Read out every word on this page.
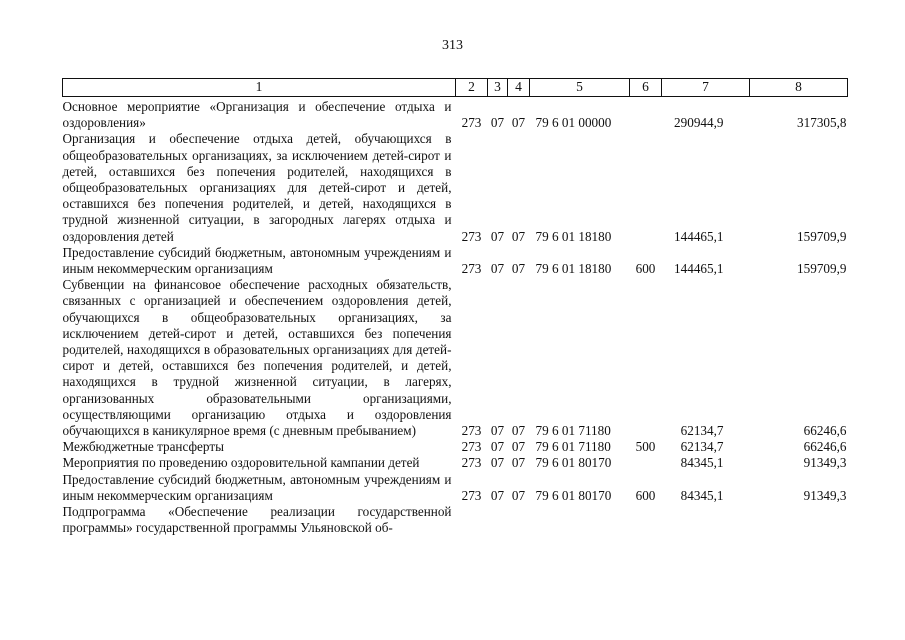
313
1	2	3	4	5	6	7	8
Основное мероприятие «Организация и обеспечение отдыха и оздоровления»	273	07	07	79 6 01 00000		290944,9	317305,8
Организация и обеспечение отдыха детей, обучающихся в общеобразовательных организациях, за исключением детей-сирот и детей, оставшихся без попечения родителей, находящихся в общеобразовательных организациях для детей-сирот и детей, оставшихся без попечения родителей, и детей, находящихся в трудной жизненной ситуации, в загородных лагерях отдыха и оздоровления детей	273	07	07	79 6 01 18180		144465,1	159709,9
Предоставление субсидий бюджетным, автономным учреждениям и иным некоммерческим организациям	273	07	07	79 6 01 18180	600	144465,1	159709,9
Субвенции на финансовое обеспечение расходных обязательств, связанных с организацией и обеспечением оздоровления детей, обучающихся в общеобразовательных организациях, за исключением детей-сирот и детей, оставшихся без попечения родителей, находящихся в образовательных организациях для детей-сирот и детей, оставшихся без попечения родителей, и детей, находящихся в трудной жизненной ситуации, в лагерях, организованных образовательными организациями, осуществляющими организацию отдыха и оздоровления обучающихся в каникулярное время (с дневным пребыванием)	273	07	07	79 6 01 71180		62134,7	66246,6
Межбюджетные трансферты	273	07	07	79 6 01 71180	500	62134,7	66246,6
Мероприятия по проведению оздоровительной кампании детей	273	07	07	79 6 01 80170		84345,1	91349,3
Предоставление субсидий бюджетным, автономным учреждениям и иным некоммерческим организациям	273	07	07	79 6 01 80170	600	84345,1	91349,3
Подпрограмма «Обеспечение реализации государственной программы» государственной программы Ульяновской об-							
